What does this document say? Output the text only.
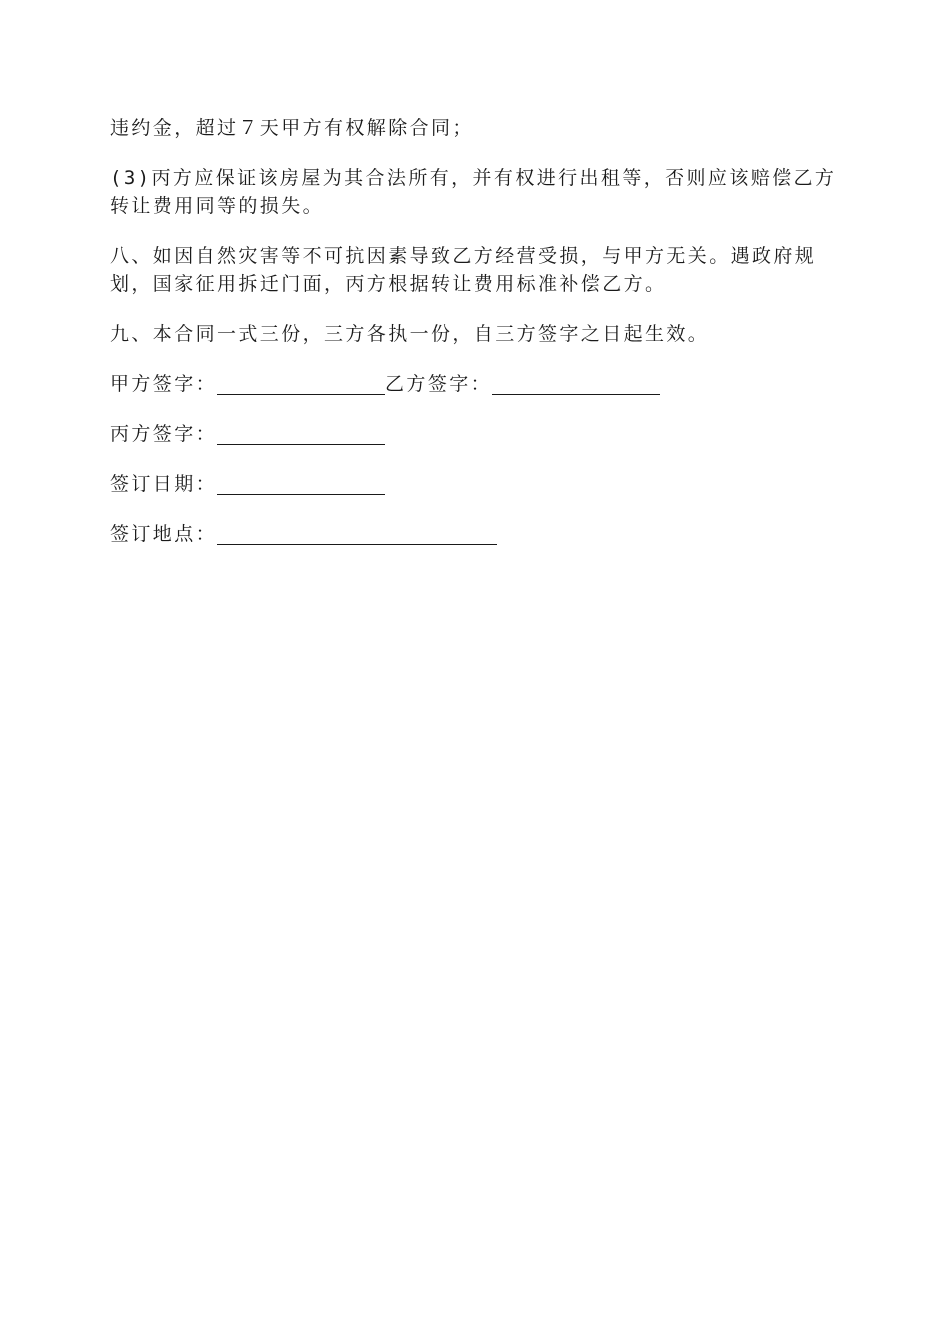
违约金，超过７天甲方有权解除合同；

(3)丙方应保证该房屋为其合法所有，并有权进行出租等，否则应该赔偿乙方转让费用同等的损失。

八、如因自然灾害等不可抗因素导致乙方经营受损，与甲方无关。遇政府规划，国家征用拆迁门面，丙方根据转让费用标准补偿乙方。

九、本合同一式三份，三方各执一份，自三方签字之日起生效。

甲方签字：	乙方签字：
丙方签字：
签订日期：
签订地点：
